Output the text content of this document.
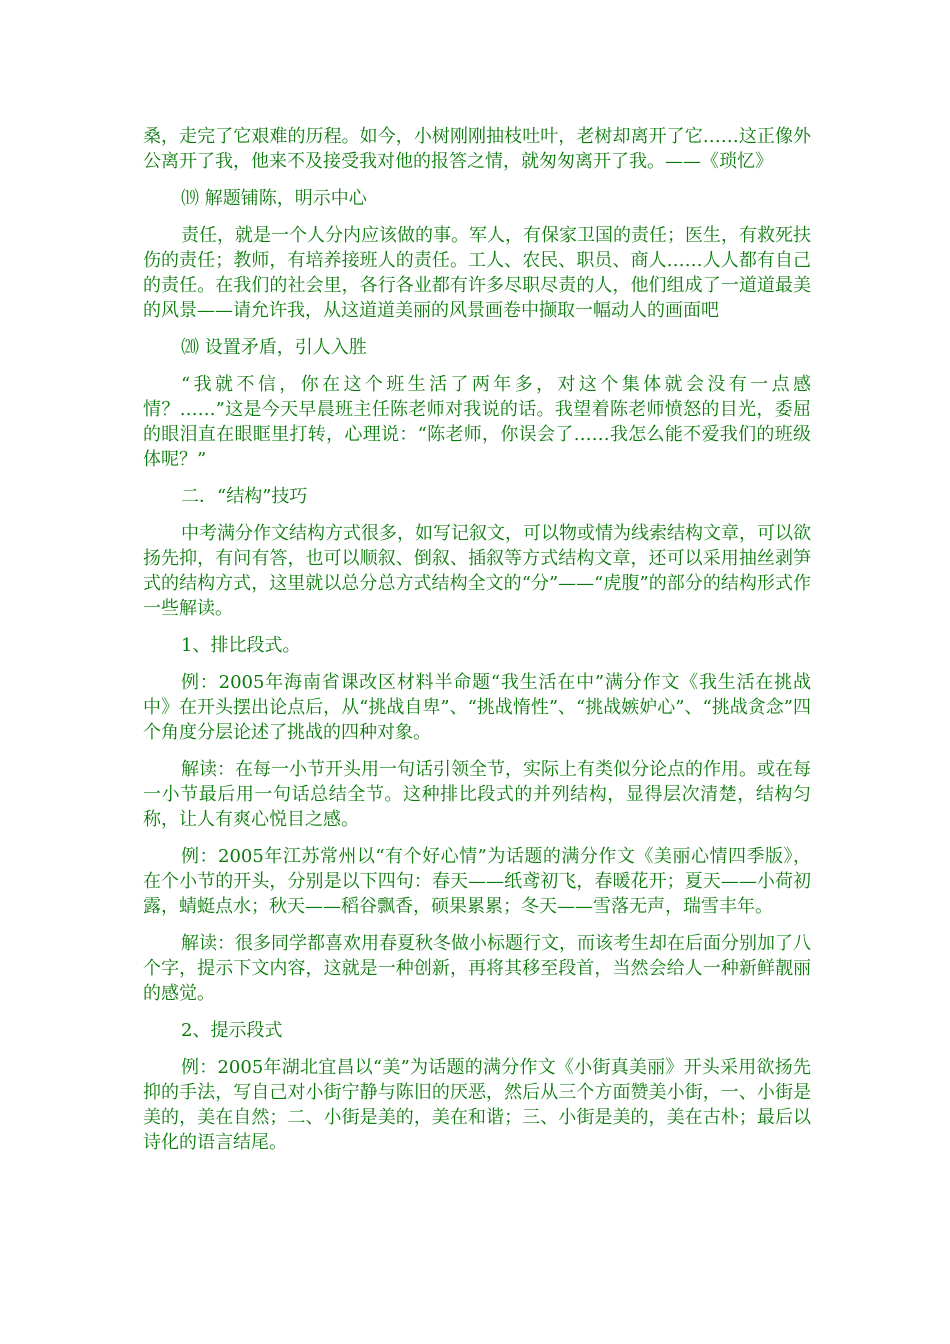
桑，走完了它艰难的历程。如今，小树刚刚抽枝吐叶，老树却离开了它……这正像外公离开了我，他来不及接受我对他的报答之情，就匆匆离开了我。——《琐忆》

⒆ 解题铺陈，明示中心

责任，就是一个人分内应该做的事。军人，有保家卫国的责任；医生，有救死扶伤的责任；教师，有培养接班人的责任。工人、农民、职员、商人……人人都有自己的责任。在我们的社会里，各行各业都有许多尽职尽责的人，他们组成了一道道最美的风景——请允许我，从这道道美丽的风景画卷中撷取一幅动人的画面吧

⒇ 设置矛盾，引人入胜

“我就不信，你在这个班生活了两年多，对这个集体就会没有一点感情？……”这是今天早晨班主任陈老师对我说的话。我望着陈老师愤怒的目光，委屈的眼泪直在眼眶里打转，心理说：“陈老师，你误会了……我怎么能不爱我们的班级体呢？”

二．“结构”技巧

中考满分作文结构方式很多，如写记叙文，可以物或情为线索结构文章，可以欲扬先抑，有问有答，也可以顺叙、倒叙、插叙等方式结构文章，还可以采用抽丝剥笋式的结构方式，这里就以总分总方式结构全文的“分”——“虎腹”的部分的结构形式作一些解读。

1、排比段式。

例：2005年海南省课改区材料半命题“我生活在中”满分作文《我生活在挑战中》在开头摆出论点后，从“挑战自卑”、“挑战惰性”、“挑战嫉妒心”、“挑战贪念”四个角度分层论述了挑战的四种对象。

解读：在每一小节开头用一句话引领全节，实际上有类似分论点的作用。或在每一小节最后用一句话总结全节。这种排比段式的并列结构，显得层次清楚，结构匀称，让人有爽心悦目之感。

例：2005年江苏常州以“有个好心情”为话题的满分作文《美丽心情四季版》，在个小节的开头，分别是以下四句：春天——纸鸢初飞，春暖花开；夏天——小荷初露，蜻蜓点水；秋天——稻谷飘香，硕果累累；冬天——雪落无声，瑞雪丰年。

解读：很多同学都喜欢用春夏秋冬做小标题行文，而该考生却在后面分别加了八个字，提示下文内容，这就是一种创新，再将其移至段首，当然会给人一种新鲜靓丽的感觉。

2、提示段式

例：2005年湖北宜昌以“美”为话题的满分作文《小街真美丽》开头采用欲扬先抑的手法，写自己对小街宁静与陈旧的厌恶，然后从三个方面赞美小街，一、小街是美的，美在自然；二、小街是美的，美在和谐；三、小街是美的，美在古朴；最后以诗化的语言结尾。
